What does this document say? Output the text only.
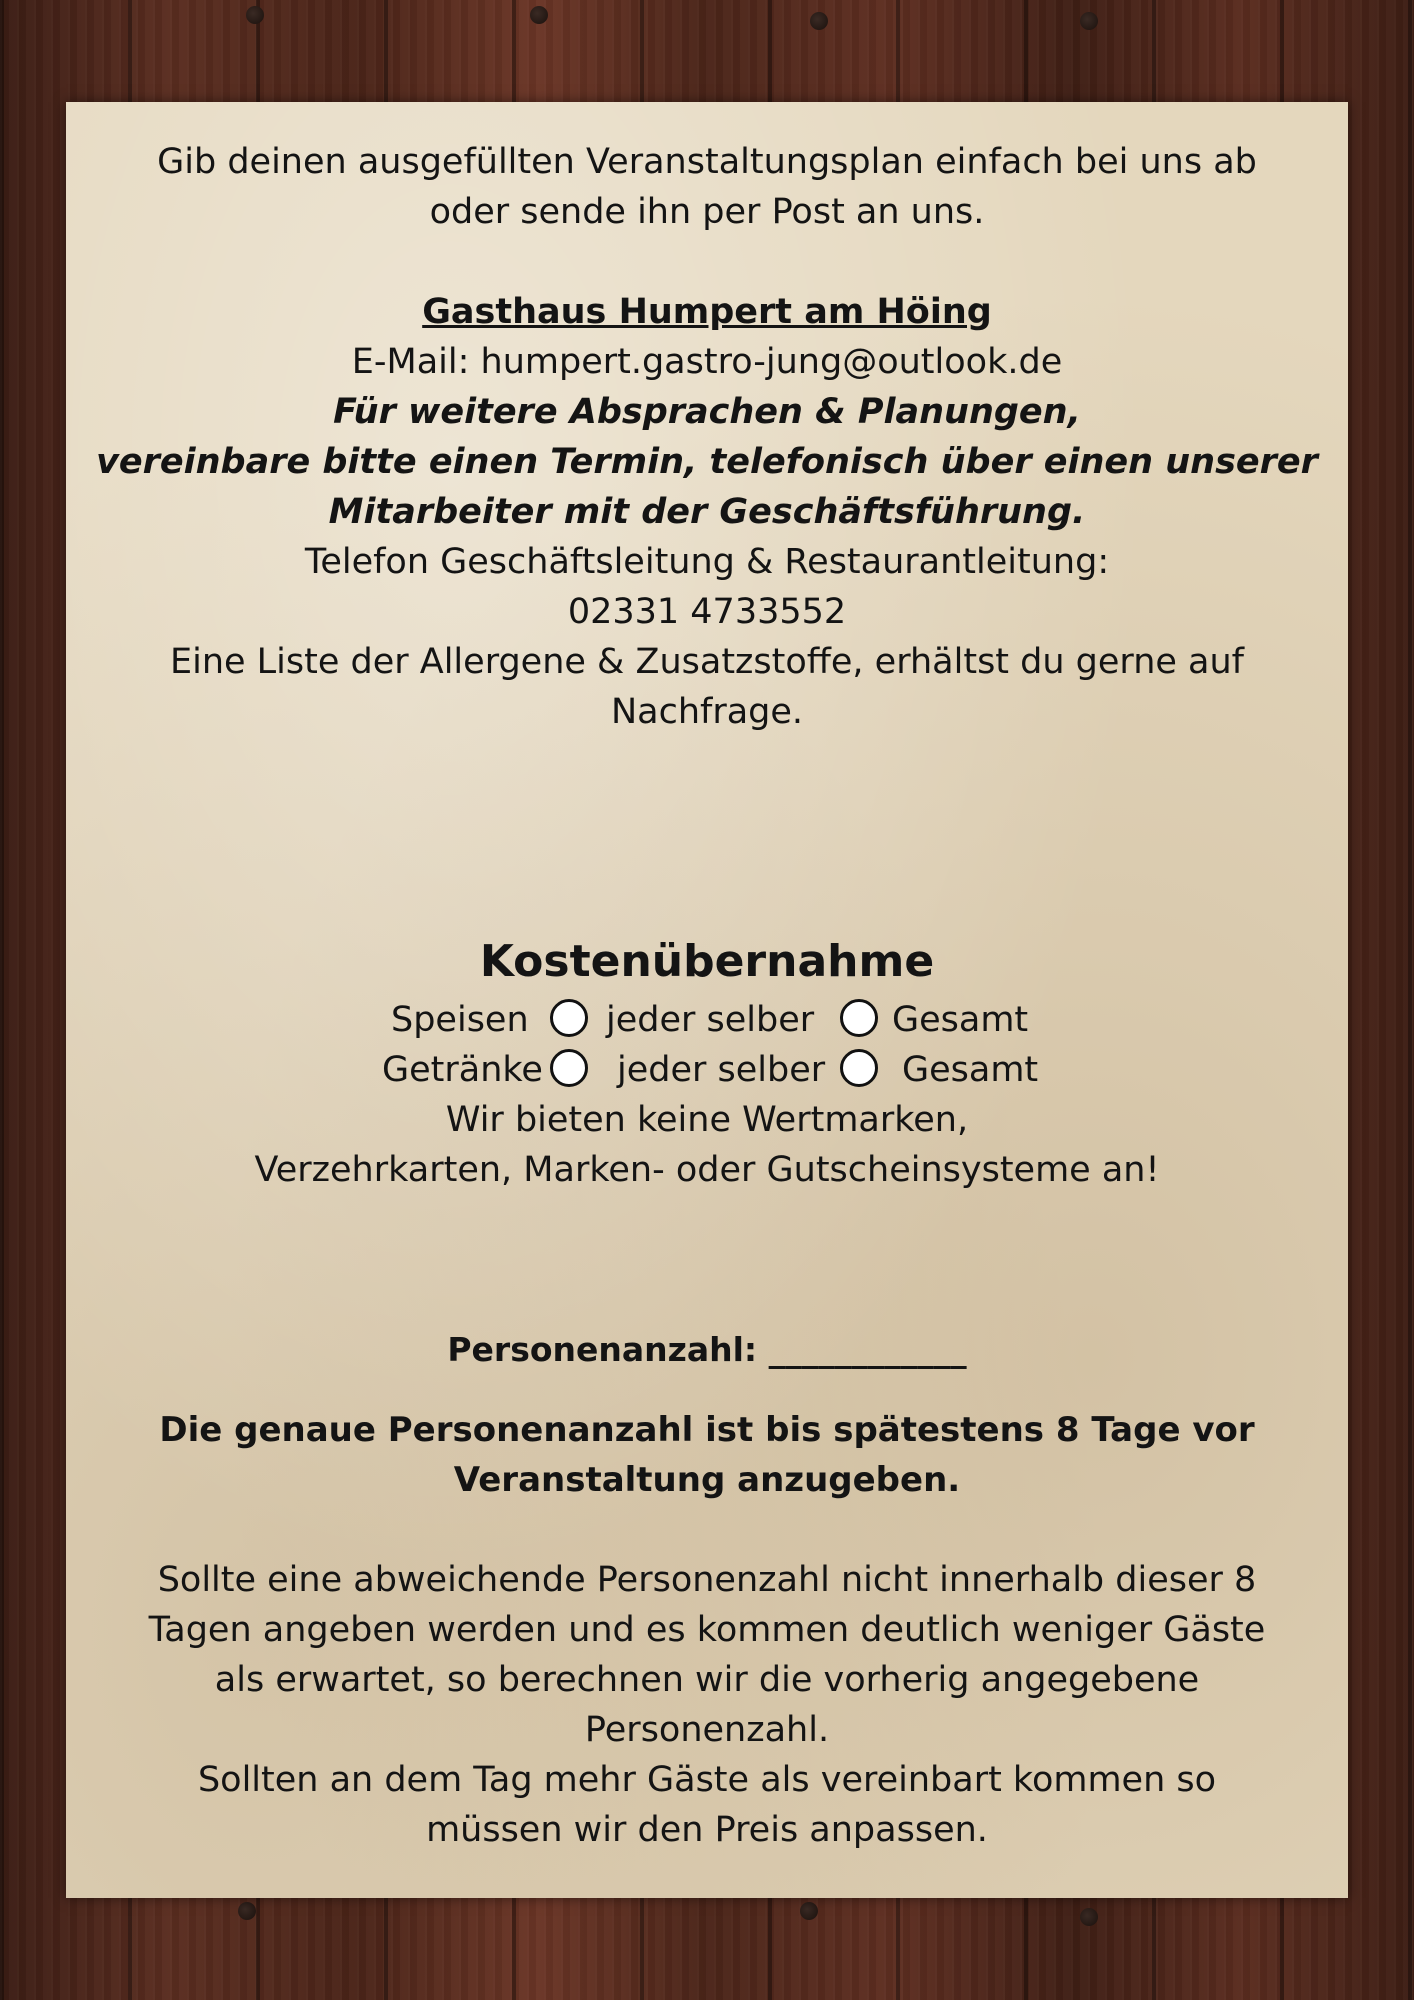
Gib deinen ausgefüllten Veranstaltungsplan einfach bei uns ab
oder sende ihn per Post an uns.
Gasthaus Humpert am Höing
E-Mail: humpert.gastro-jung@outlook.de
Für weitere Absprachen & Planungen,
vereinbare bitte einen Termin, telefonisch über einen unserer
Mitarbeiter mit der Geschäftsführung.
Telefon Geschäftsleitung & Restaurantleitung:
02331 4733552
Eine Liste der Allergene & Zusatzstoffe, erhältst du gerne auf
Nachfrage.
Kostenübernahme
Speisen jeder selber Gesamt
Getränke jeder selber Gesamt
Wir bieten keine Wertmarken,
Verzehrkarten, Marken- oder Gutscheinsysteme an!
Personenanzahl: ____________
Die genaue Personenanzahl ist bis spätestens 8 Tage vor
Veranstaltung anzugeben.
Sollte eine abweichende Personenzahl nicht innerhalb dieser 8
Tagen angeben werden und es kommen deutlich weniger Gäste
als erwartet, so berechnen wir die vorherig angegebene
Personenzahl.
Sollten an dem Tag mehr Gäste als vereinbart kommen so
müssen wir den Preis anpassen.
